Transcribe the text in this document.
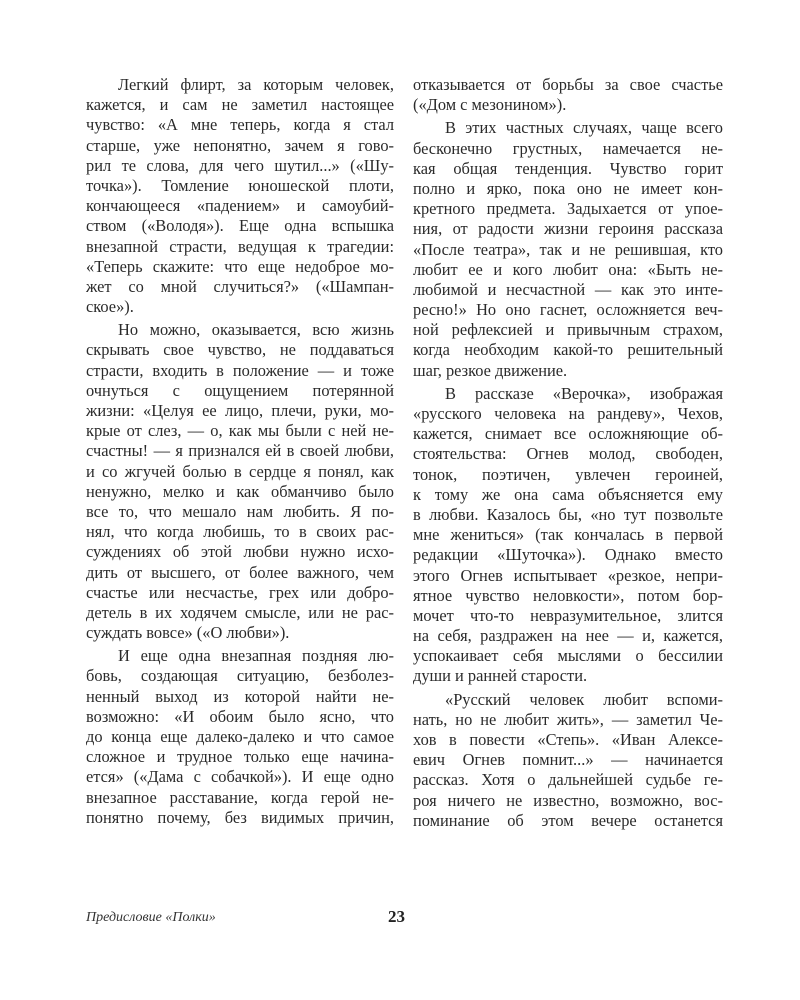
Легкий флирт, за которым человек,
кажется, и сам не заметил настоящее
чувство: «А мне теперь, когда я стал
старше, уже непонятно, зачем я гово-
рил те слова, для чего шутил...» («Шу-
точка»). Томление юношеской плоти,
кончающееся «падением» и самоубий-
ством («Володя»). Еще одна вспышка
внезапной страсти, ведущая к трагедии:
«Теперь скажите: что еще недоброе мо-
жет со мной случиться?» («Шампан-
ское»).
Но можно, оказывается, всю жизнь
скрывать свое чувство, не поддаваться
страсти, входить в положение — и тоже
очнуться с ощущением потерянной
жизни: «Целуя ее лицо, плечи, руки, мо-
крые от слез, — о, как мы были с ней не-
счастны! — я признался ей в своей любви,
и со жгучей болью в сердце я понял, как
ненужно, мелко и как обманчиво было
все то, что мешало нам любить. Я по-
нял, что когда любишь, то в своих рас-
суждениях об этой любви нужно исхо-
дить от высшего, от более важного, чем
счастье или несчастье, грех или добро-
детель в их ходячем смысле, или не рас-
суждать вовсе» («О любви»).
И еще одна внезапная поздняя лю-
бовь, создающая ситуацию, безболез-
ненный выход из которой найти не-
возможно: «И обоим было ясно, что
до конца еще далеко-далеко и что самое
сложное и трудное только еще начина-
ется» («Дама с собачкой»). И еще одно
внезапное расставание, когда герой не-
понятно почему, без видимых причин,
отказывается от борьбы за свое счастье
(«Дом с мезонином»).
В этих частных случаях, чаще всего
бесконечно грустных, намечается не-
кая общая тенденция. Чувство горит
полно и ярко, пока оно не имеет кон-
кретного предмета. Задыхается от упое-
ния, от радости жизни героиня рассказа
«После театра», так и не решившая, кто
любит ее и кого любит она: «Быть не-
любимой и несчастной — как это инте-
ресно!» Но оно гаснет, осложняется веч-
ной рефлексией и привычным страхом,
когда необходим какой-то решительный
шаг, резкое движение.
В рассказе «Верочка», изображая
«русского человека на рандеву», Чехов,
кажется, снимает все осложняющие об-
стоятельства: Огнев молод, свободен,
тонок, поэтичен, увлечен героиней,
к тому же она сама объясняется ему
в любви. Казалось бы, «но тут позвольте
мне жениться» (так кончалась в первой
редакции «Шуточка»). Однако вместо
этого Огнев испытывает «резкое, непри-
ятное чувство неловкости», потом бор-
мочет что-то невразумительное, злится
на себя, раздражен на нее — и, кажется,
успокаивает себя мыслями о бессилии
души и ранней старости.
«Русский человек любит вспоми-
нать, но не любит жить», — заметил Че-
хов в повести «Степь». «Иван Алексе-
евич Огнев помнит...» — начинается
рассказ. Хотя о дальнейшей судьбе ге-
роя ничего не известно, возможно, вос-
поминание об этом вечере останется
Предисловие «Полки»	23
